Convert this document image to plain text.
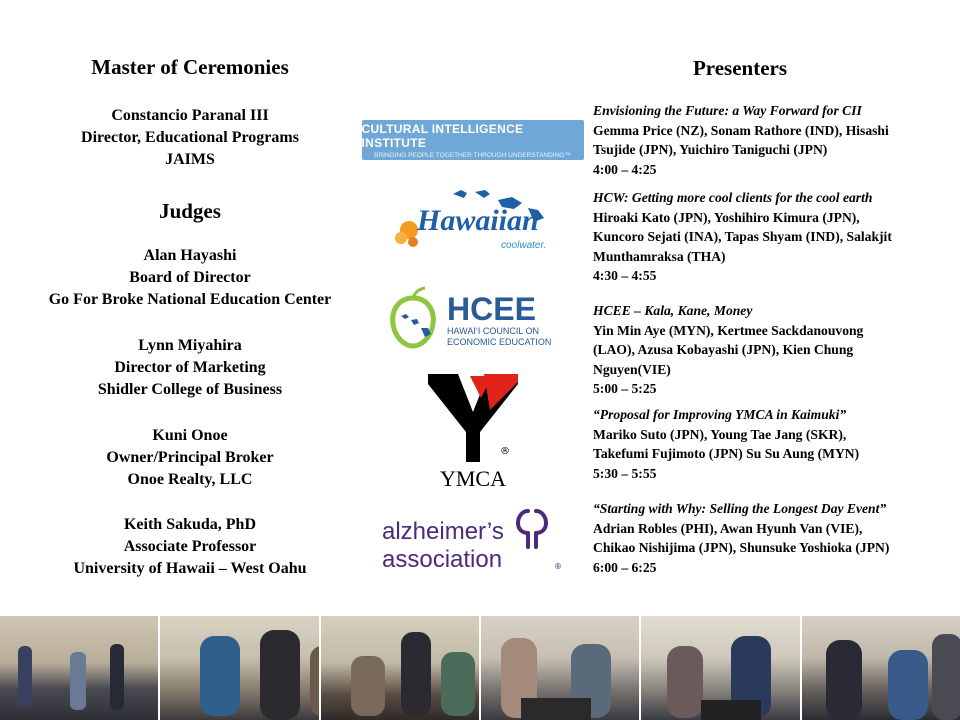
Master of Ceremonies
Constancio Paranal III
Director, Educational Programs
JAIMS
Judges
Alan Hayashi
Board of Director
Go For Broke National Education Center
Lynn Miyahira
Director of Marketing
Shidler College of Business
Kuni Onoe
Owner/Principal Broker
Onoe Realty, LLC
Keith Sakuda, PhD
Associate Professor
University of Hawaii – West Oahu
Presenters
CULTURAL INTELLIGENCE INSTITUTE
BRINGING PEOPLE TOGETHER THROUGH UNDERSTANDING™
Hawaiian
coolwater.
HCEE
HAWAI‘I COUNCIL ON
ECONOMIC EDUCATION
®
YMCA
alzheimer’s
association	®
Envisioning the Future: a Way Forward for CII
Gemma Price (NZ), Sonam Rathore (IND), Hisashi
Tsujide (JPN), Yuichiro Taniguchi (JPN)
4:00 – 4:25
HCW: Getting more cool clients for the cool earth
Hiroaki Kato (JPN), Yoshihiro Kimura (JPN),
Kuncoro Sejati (INA), Tapas Shyam (IND), Salakjit
Munthamraksa (THA)
4:30 – 4:55
HCEE – Kala, Kane, Money
Yin Min Aye (MYN), Kertmee Sackdanouvong
(LAO), Azusa Kobayashi (JPN), Kien Chung
Nguyen(VIE)
5:00 – 5:25
“Proposal for Improving YMCA in Kaimuki”
Mariko Suto (JPN), Young Tae Jang (SKR),
Takefumi Fujimoto (JPN) Su Su Aung (MYN)
5:30 – 5:55
“Starting with Why: Selling the Longest Day Event”
Adrian Robles (PHI), Awan Hyunh Van (VIE),
Chikao Nishijima (JPN), Shunsuke Yoshioka (JPN)
6:00 – 6:25
